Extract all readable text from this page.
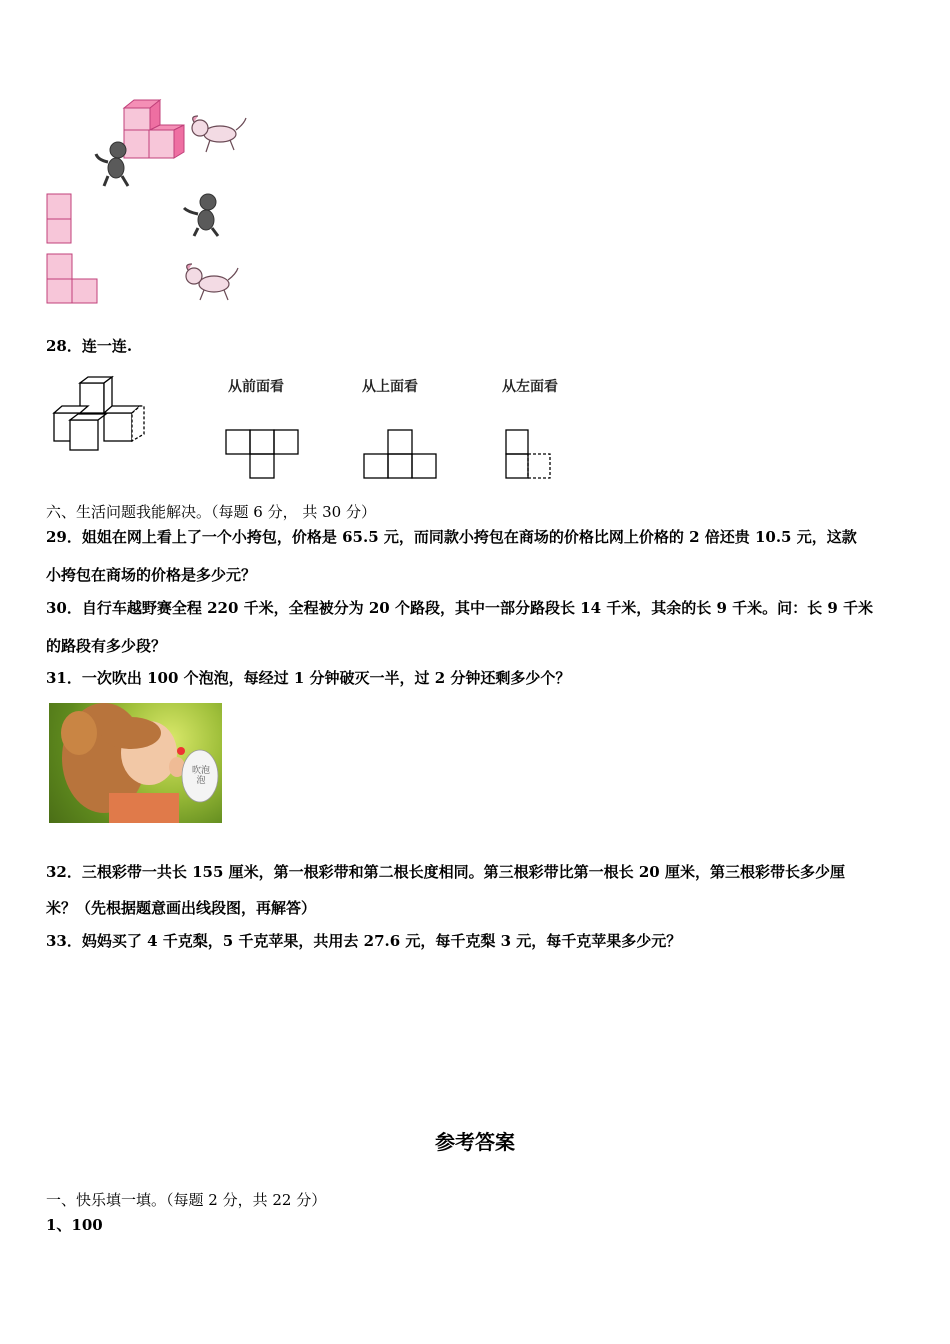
28．连一连.
从前面看	从上面看	从左面看
六、生活问题我能解决。（每题 6 分， 共 30 分）
29．姐姐在网上看上了一个小挎包，价格是 65.5 元，而同款小挎包在商场的价格比网上价格的 2 倍还贵 10.5 元，这款
小挎包在商场的价格是多少元？
30．自行车越野赛全程 220 千米，全程被分为 20 个路段，其中一部分路段长 14 千米，其余的长 9 千米。问：长 9 千米
的路段有多少段？
31．一次吹出 100 个泡泡，每经过 1 分钟破灭一半，过 2 分钟还剩多少个？
吹泡泡
32．三根彩带一共长 155 厘米，第一根彩带和第二根长度相同。第三根彩带比第一根长 20 厘米，第三根彩带长多少厘
米？（先根据题意画出线段图，再解答）
33．妈妈买了 4 千克梨，5 千克苹果，共用去 27.6 元，每千克梨 3 元，每千克苹果多少元？
参考答案
一、快乐填一填。（每题 2 分，共 22 分）
1、100
